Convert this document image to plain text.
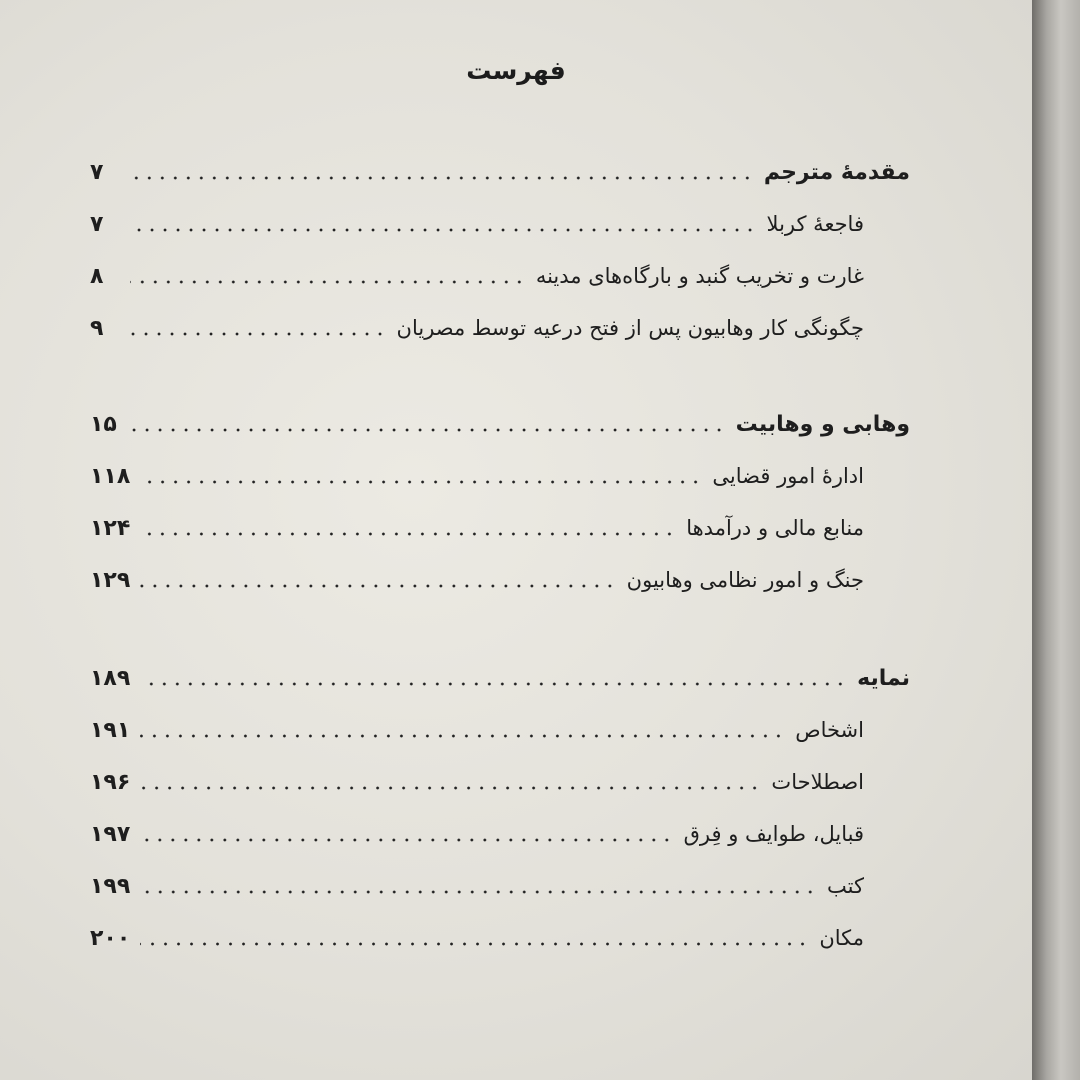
فهرست
مقدمهٔ مترجم
۷
فاجعهٔ کربلا
۷
غارت و تخریب گنبد و بارگاه‌های مدینه
۸
چگونگی کار وهابیون پس از فتح درعیه توسط مصریان
۹
وهابی و وهابیت
۱۵
ادارهٔ امور قضایی
۱۱۸
منابع مالی و درآمدها
۱۲۴
جنگ و امور نظامی وهابیون
۱۲۹
نمایه
۱۸۹
اشخاص
۱۹۱
اصطلاحات
۱۹۶
قبایل، طوایف و فِرق
۱۹۷
کتب
۱۹۹
مکان
۲۰۰
